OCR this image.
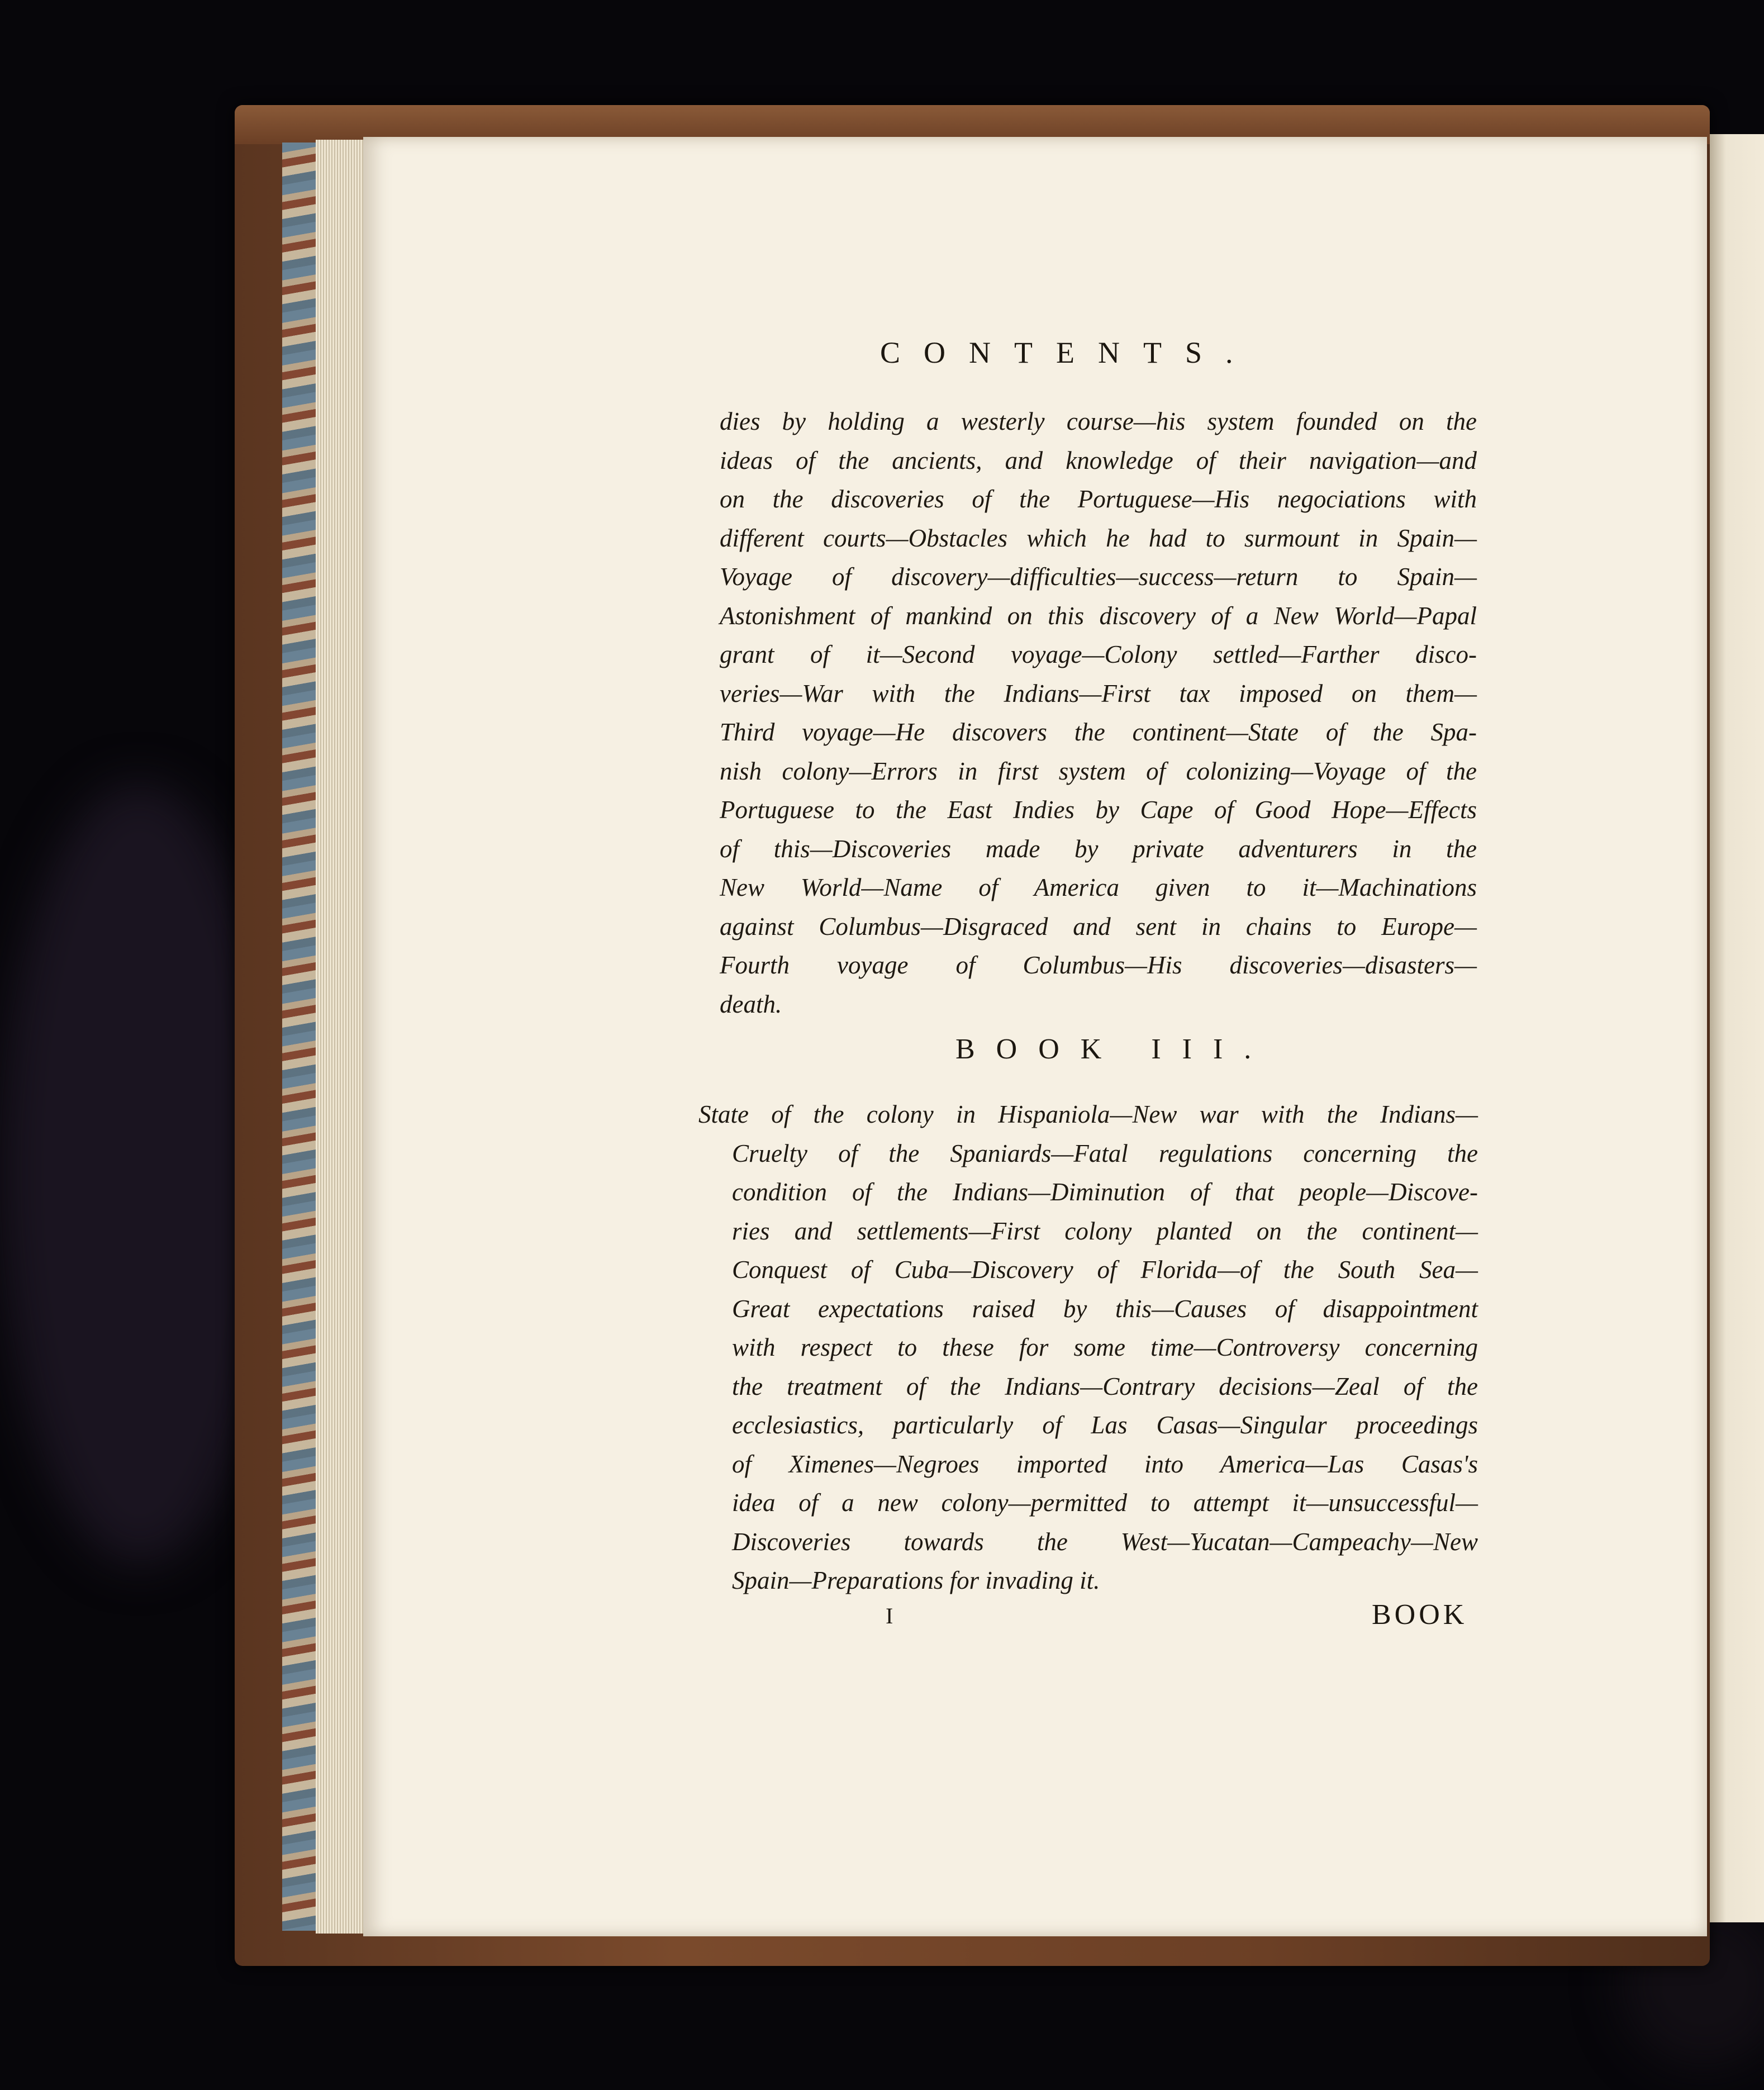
CONTENTS.
dies by holding a westerly course—his system founded on the
ideas of the ancients, and knowledge of their navigation—and
on the discoveries of the Portuguese—His negociations with
different courts—Obstacles which he had to surmount in Spain—
Voyage of discovery—difficulties—success—return to Spain—
Astonishment of mankind on this discovery of a New World—Papal
grant of it—Second voyage—Colony settled—Farther disco-
veries—War with the Indians—First tax imposed on them—
Third voyage—He discovers the continent—State of the Spa-
nish colony—Errors in first system of colonizing—Voyage of the
Portuguese to the East Indies by Cape of Good Hope—Effects
of this—Discoveries made by private adventurers in the
New World—Name of America given to it—Machinations
against Columbus—Disgraced and sent in chains to Europe—
Fourth voyage of Columbus—His discoveries—disasters—
death.
BOOK III.
State of the colony in Hispaniola—New war with the Indians—
Cruelty of the Spaniards—Fatal regulations concerning the
condition of the Indians—Diminution of that people—Discove-
ries and settlements—First colony planted on the continent—
Conquest of Cuba—Discovery of Florida—of the South Sea—
Great expectations raised by this—Causes of disappointment
with respect to these for some time—Controversy concerning
the treatment of the Indians—Contrary decisions—Zeal of the
ecclesiastics, particularly of Las Casas—Singular proceedings
of Ximenes—Negroes imported into America—Las Casas's
idea of a new colony—permitted to attempt it—unsuccessful—
Discoveries towards the West—Yucatan—Campeachy—New
Spain—Preparations for invading it.
I	BOOK
